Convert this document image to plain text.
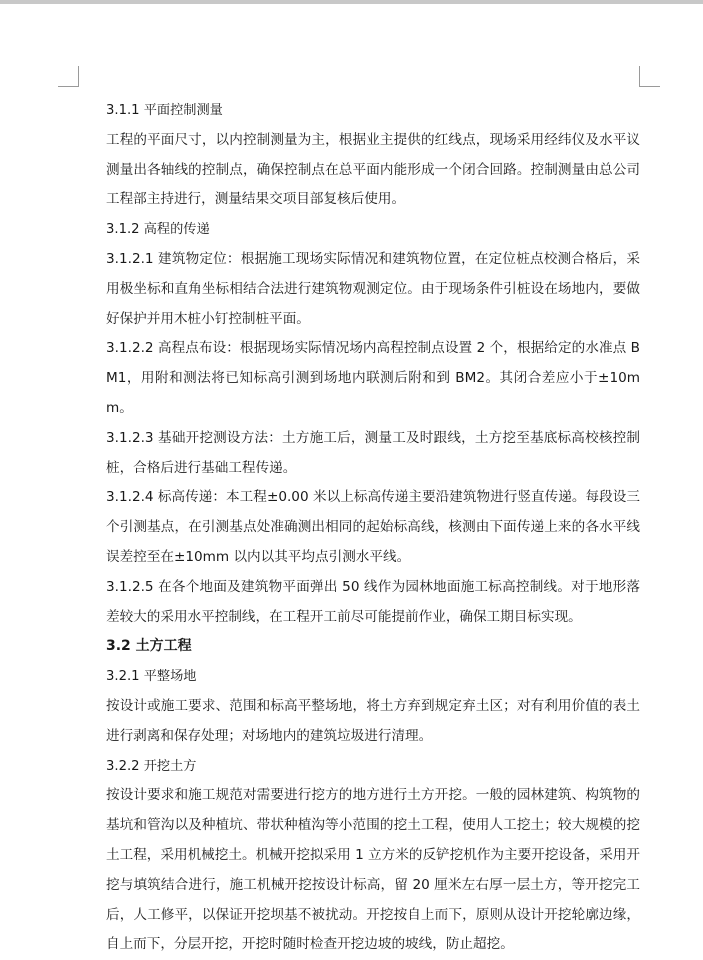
3.1.1 平面控制测量

工程的平面尺寸，以内控制测量为主，根据业主提供的红线点，现场采用经纬仪及水平议测量出各轴线的控制点，确保控制点在总平面内能形成一个闭合回路。控制测量由总公司工程部主持进行，测量结果交项目部复核后使用。

3.1.2 高程的传递

3.1.2.1 建筑物定位：根据施工现场实际情况和建筑物位置，在定位桩点校测合格后，采用极坐标和直角坐标相结合法进行建筑物观测定位。由于现场条件引桩设在场地内，要做好保护并用木桩小钉控制桩平面。

3.1.2.2 高程点布设：根据现场实际情况场内高程控制点设置 2 个，根据给定的水准点 BM1，用附和测法将已知标高引测到场地内联测后附和到 BM2。其闭合差应小于±10mm。

3.1.2.3 基础开挖测设方法：土方施工后，测量工及时跟线，土方挖至基底标高校核控制桩，合格后进行基础工程传递。

3.1.2.4 标高传递：本工程±0.00 米以上标高传递主要沿建筑物进行竖直传递。每段设三个引测基点，在引测基点处准确测出相同的起始标高线，核测由下面传递上来的各水平线误差控至在±10mm 以内以其平均点引测水平线。

3.1.2.5 在各个地面及建筑物平面弹出 50 线作为园林地面施工标高控制线。对于地形落差较大的采用水平控制线，在工程开工前尽可能提前作业，确保工期目标实现。

3.2 土方工程
3.2.1 平整场地

按设计或施工要求、范围和标高平整场地，将土方弃到规定弃土区；对有利用价值的表土进行剥离和保存处理；对场地内的建筑垃圾进行清理。

3.2.2 开挖土方

按设计要求和施工规范对需要进行挖方的地方进行土方开挖。一般的园林建筑、构筑物的基坑和管沟以及种植坑、带状种植沟等小范围的挖土工程，使用人工挖土；较大规模的挖土工程，采用机械挖土。机械开挖拟采用 1 立方米的反铲挖机作为主要开挖设备，采用开挖与填筑结合进行，施工机械开挖按设计标高，留 20 厘米左右厚一层土方，等开挖完工后，人工修平，以保证开挖坝基不被扰动。开挖按自上而下，原则从设计开挖轮廓边缘，自上而下，分层开挖，开挖时随时检查开挖边坡的坡线，防止超挖。
